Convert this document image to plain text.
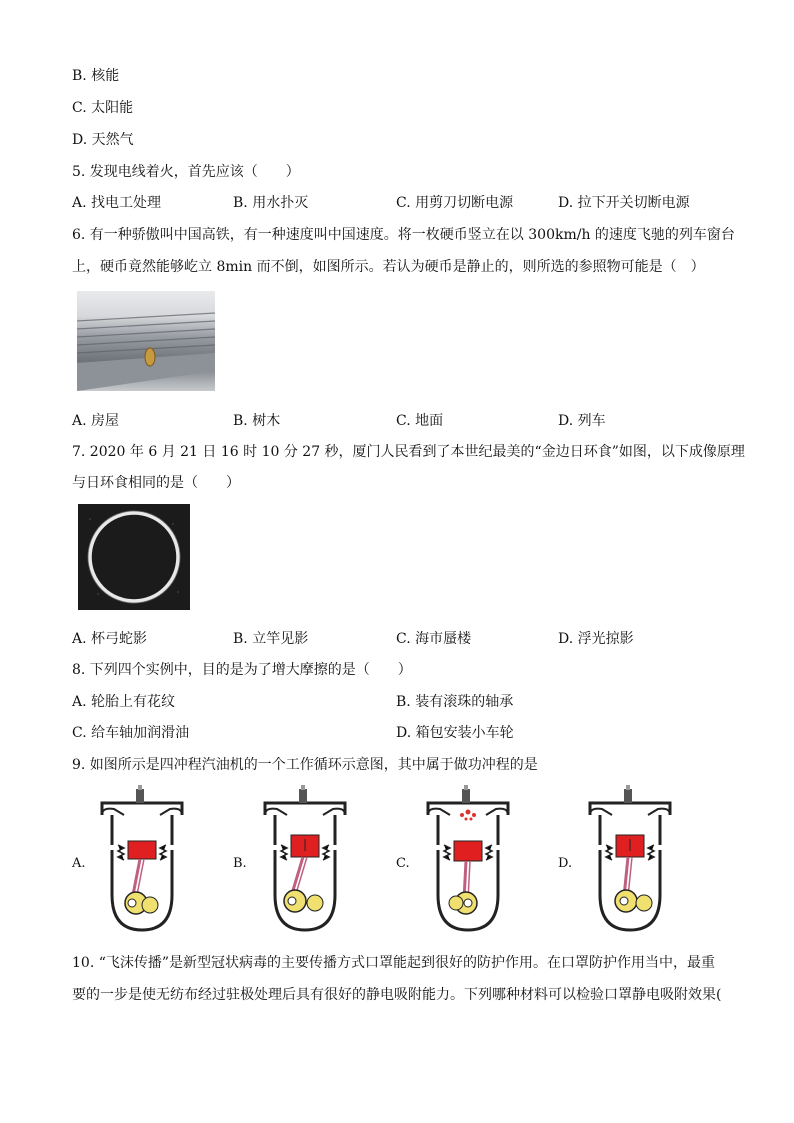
B. 核能
C. 太阳能
D. 天然气
5. 发现电线着火，首先应该（　　）
A. 找电工处理	B. 用水扑灭	C. 用剪刀切断电源	D. 拉下开关切断电源
6. 有一种骄傲叫中国高铁，有一种速度叫中国速度。将一枚硬币竖立在以 300km/h 的速度飞驰的列车窗台
上，硬币竟然能够屹立 8min 而不倒，如图所示。若认为硬币是静止的，则所选的参照物可能是（　）
A. 房屋	B. 树木	C. 地面	D. 列车
7. 2020 年 6 月 21 日 16 时 10 分 27 秒，厦门人民看到了本世纪最美的“金边日环食”如图，以下成像原理
与日环食相同的是（　　）
A. 杯弓蛇影	B. 立竿见影	C. 海市蜃楼	D. 浮光掠影
8. 下列四个实例中，目的是为了增大摩擦的是（　　）
A. 轮胎上有花纹	B. 装有滚珠的轴承
C. 给车轴加润滑油	D. 箱包安装小车轮
9. 如图所示是四冲程汽油机的一个工作循环示意图，其中属于做功冲程的是
A.	B.	C.	D.
10. “飞沫传播”是新型冠状病毒的主要传播方式口罩能起到很好的防护作用。在口罩防护作用当中，最重
要的一步是使无纺布经过驻极处理后具有很好的静电吸附能力。下列哪种材料可以检验口罩静电吸附效果(
